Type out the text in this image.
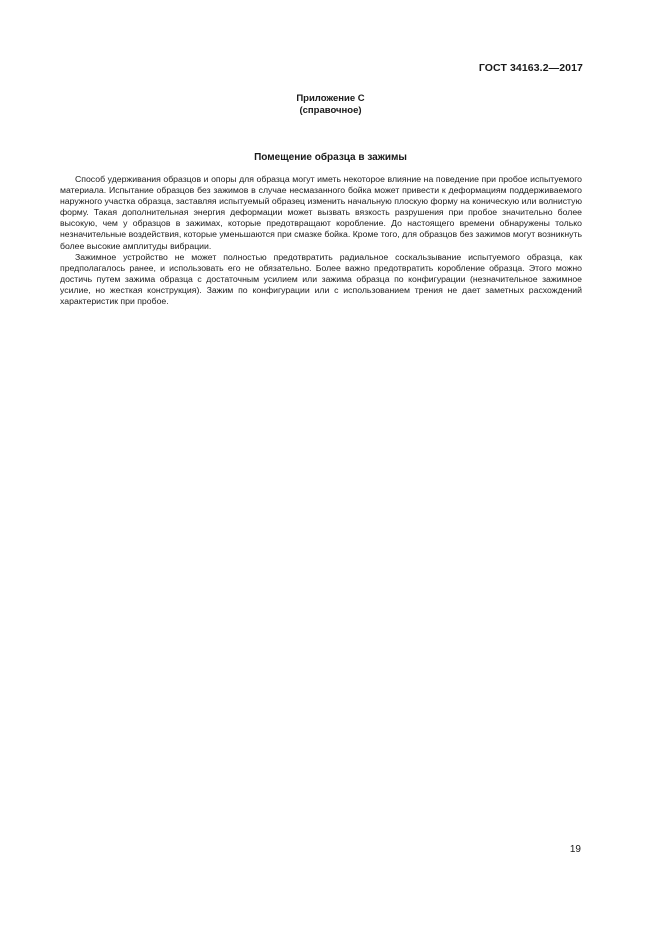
ГОСТ 34163.2—2017
Приложение С
(справочное)
Помещение образца в зажимы

Способ удерживания образцов и опоры для образца могут иметь некоторое влияние на поведение при пробое испытуемого материала. Испытание образцов без зажимов в случае несмазанного бойка может привести к деформациям поддерживаемого наружного участка образца, заставляя испытуемый образец изменить начальную плоскую форму на коническую или волнистую форму. Такая дополнительная энергия деформации может вызвать вязкость разрушения при пробое значительно более высокую, чем у образцов в зажимах, которые предотвращают коробление. До настоящего времени обнаружены только незначительные воздействия, которые уменьшаются при смазке бойка. Кроме того, для образцов без зажимов могут возникнуть более высокие амплитуды вибрации.

Зажимное устройство не может полностью предотвратить радиальное соскальзывание испытуемого образца, как предполагалось ранее, и использовать его не обязательно. Более важно предотвратить коробление образца. Этого можно достичь путем зажима образца с достаточным усилием или зажима образца по конфигурации (незначительное зажимное усилие, но жесткая конструкция). Зажим по конфигурации или с использованием трения не дает заметных расхождений характеристик при пробое.

19
